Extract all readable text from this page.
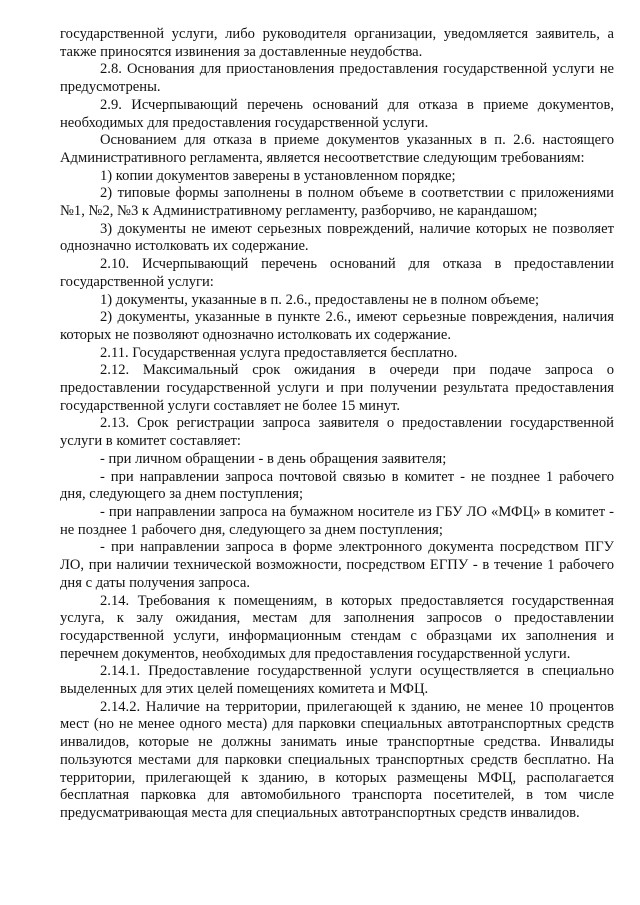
государственной услуги, либо руководителя организации, уведомляется заявитель, а также приносятся извинения за доставленные неудобства.

2.8. Основания для приостановления предоставления государственной услуги не предусмотрены.

2.9. Исчерпывающий перечень оснований для отказа в приеме документов, необходимых для предоставления государственной услуги.

Основанием для отказа в приеме документов указанных в п. 2.6. настоящего Административного регламента, является несоответствие следующим требованиям:

1) копии документов заверены в установленном порядке;

2) типовые формы заполнены в полном объеме в соответствии с приложениями №1, №2, №3 к Административному регламенту, разборчиво, не карандашом;

3) документы не имеют серьезных повреждений, наличие которых не позволяет однозначно истолковать их содержание.

2.10. Исчерпывающий перечень оснований для отказа в предоставлении государственной услуги:

1) документы, указанные в п. 2.6., предоставлены не в полном объеме;

2) документы, указанные в пункте 2.6., имеют серьезные повреждения, наличия которых не позволяют однозначно истолковать их содержание.

2.11. Государственная услуга предоставляется бесплатно.

2.12. Максимальный срок ожидания в очереди при подаче запроса о предоставлении государственной услуги и при получении результата предоставления государственной услуги составляет не более 15 минут.

2.13. Срок регистрации запроса заявителя о предоставлении государственной услуги в комитет составляет:

- при личном обращении - в день обращения заявителя;

- при направлении запроса почтовой связью в комитет - не позднее 1 рабочего дня, следующего за днем поступления;

- при направлении запроса на бумажном носителе из ГБУ ЛО «МФЦ» в комитет - не позднее 1 рабочего дня, следующего за днем поступления;

- при направлении запроса в форме электронного документа посредством ПГУ ЛО, при наличии технической возможности, посредством ЕГПУ - в течение 1 рабочего дня с даты получения запроса.

2.14. Требования к помещениям, в которых предоставляется государственная услуга, к залу ожидания, местам для заполнения запросов о предоставлении государственной услуги, информационным стендам с образцами их заполнения и перечнем документов, необходимых для предоставления государственной услуги.

2.14.1. Предоставление государственной услуги осуществляется в специально выделенных для этих целей помещениях комитета и МФЦ.

2.14.2. Наличие на территории, прилегающей к зданию, не менее 10 процентов мест (но не менее одного места) для парковки специальных автотранспортных средств инвалидов, которые не должны занимать иные транспортные средства. Инвалиды пользуются местами для парковки специальных транспортных средств бесплатно. На территории, прилегающей к зданию, в которых размещены МФЦ, располагается бесплатная парковка для автомобильного транспорта посетителей, в том числе предусматривающая места для специальных автотранспортных средств инвалидов.
